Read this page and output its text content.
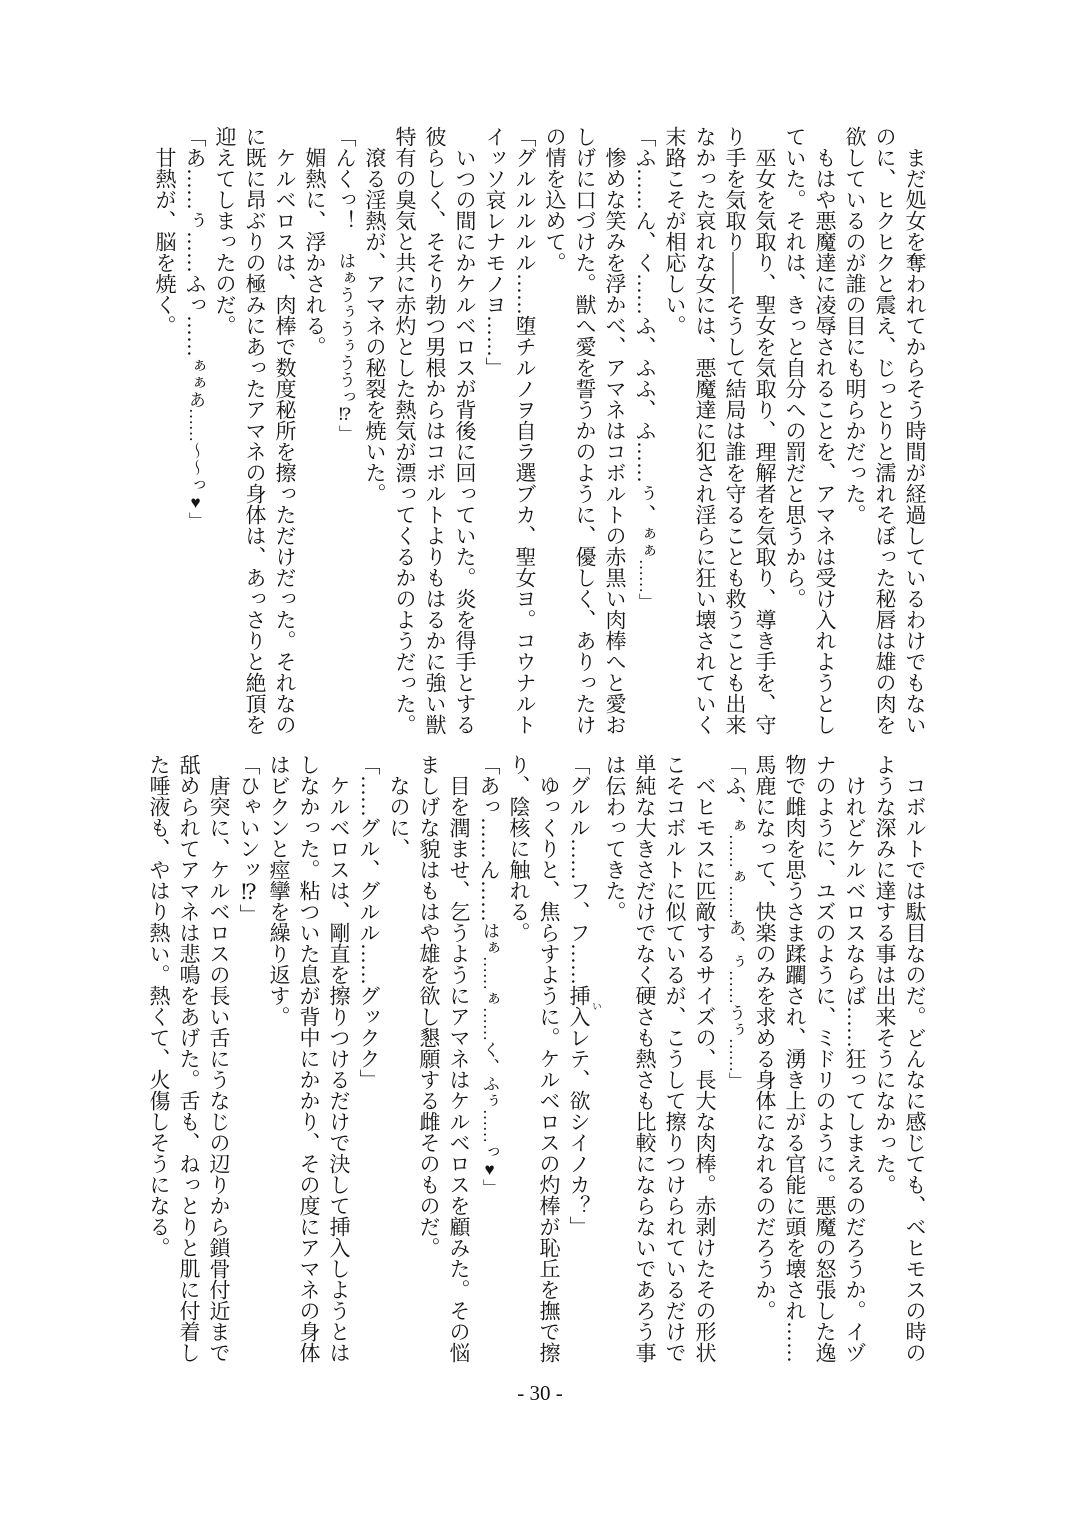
まだ処女を奪われてからそう時間が経過しているわけでもない
のに、ヒクヒクと震え、じっとりと濡れそぼった秘唇は雄の肉を
欲しているのが誰の目にも明らかだった。
もはや悪魔達に凌辱されることを、アマネは受け入れようとし
ていた。それは、きっと自分への罰だと思うから。
巫女を気取り、聖女を気取り、理解者を気取り、導き手を、守
り手を気取り――そうして結局は誰を守ることも救うことも出来
なかった哀れな女には、悪魔達に犯され淫らに狂い壊されていく
末路こそが相応しい。
「ふ……ん、く……ふ、ふふ、ふ……ぅ、ぁぁ……」
惨めな笑みを浮かべ、アマネはコボルトの赤黒い肉棒へと愛お
しげに口づけた。獣へ愛を誓うかのように、優しく、ありったけ
の情を込めて。
「グルルルルル……堕チルノヲ自ラ選ブカ、聖女ヨ。コウナルト
イッソ哀レナモノヨ……」
いつの間にかケルベロスが背後に回っていた。炎を得手とする
彼らしく、そそり勃つ男根からはコボルトよりもはるかに強い獣
特有の臭気と共に赤灼とした熱気が漂ってくるかのようだった。
滾る淫熱が、アマネの秘裂を焼いた。
「んくっ！　はぁうぅうぅううっ⁉」
媚熱に、浮かされる。
ケルベロスは、肉棒で数度秘所を擦っただけだった。それなの
に既に昂ぶりの極みにあったアマネの身体は、あっさりと絶頂を
迎えてしまったのだ。
「あ……ぅ……ふっ……ぁぁあ……〜〜っ♥」
甘熱が、脳を焼く。
コボルトでは駄目なのだ。どんなに感じても、ベヒモスの時の
ような深みに達する事は出来そうになかった。
けれどケルベロスならば……狂ってしまえるのだろうか。イヅ
ナのように、ユズのように、ミドリのように。悪魔の怒張した逸
物で雌肉を思うさま蹂躙され、湧き上がる官能に頭を壊され……
馬鹿になって、快楽のみを求める身体になれるのだろうか。
「ふ、ぁ……ぁ……あ、ぅ……うぅ……」
ベヒモスに匹敵するサイズの、長大な肉棒。赤剥けたその形状
こそコボルトに似ているが、こうして擦りつけられているだけで
単純な大きさだけでなく硬さも熱さも比較にならないであろう事
は伝わってきた。
「グルル……フ、フ……挿入いレテ、欲シイノカ？」
ゆっくりと、焦らすように。ケルベロスの灼棒が恥丘を撫で擦
り、陰核に触れる。
「あっ……ん……はぁ……ぁ……く、ふぅ……っ♥」
目を潤ませ、乞うようにアマネはケルベロスを顧みた。その悩
ましげな貌はもはや雄を欲し懇願する雌そのものだ。
なのに、
「……グル、グルル……グックク」
ケルベロスは、剛直を擦りつけるだけで決して挿入しようとは
しなかった。粘ついた息が背中にかかり、その度にアマネの身体
はビクンと痙攣を繰り返す。
「ひゃいンッ⁉」
唐突に、ケルベロスの長い舌にうなじの辺りから鎖骨付近まで
舐められてアマネは悲鳴をあげた。舌も、ねっとりと肌に付着し
た唾液も、やはり熱い。熱くて、火傷しそうになる。
- 30 -
